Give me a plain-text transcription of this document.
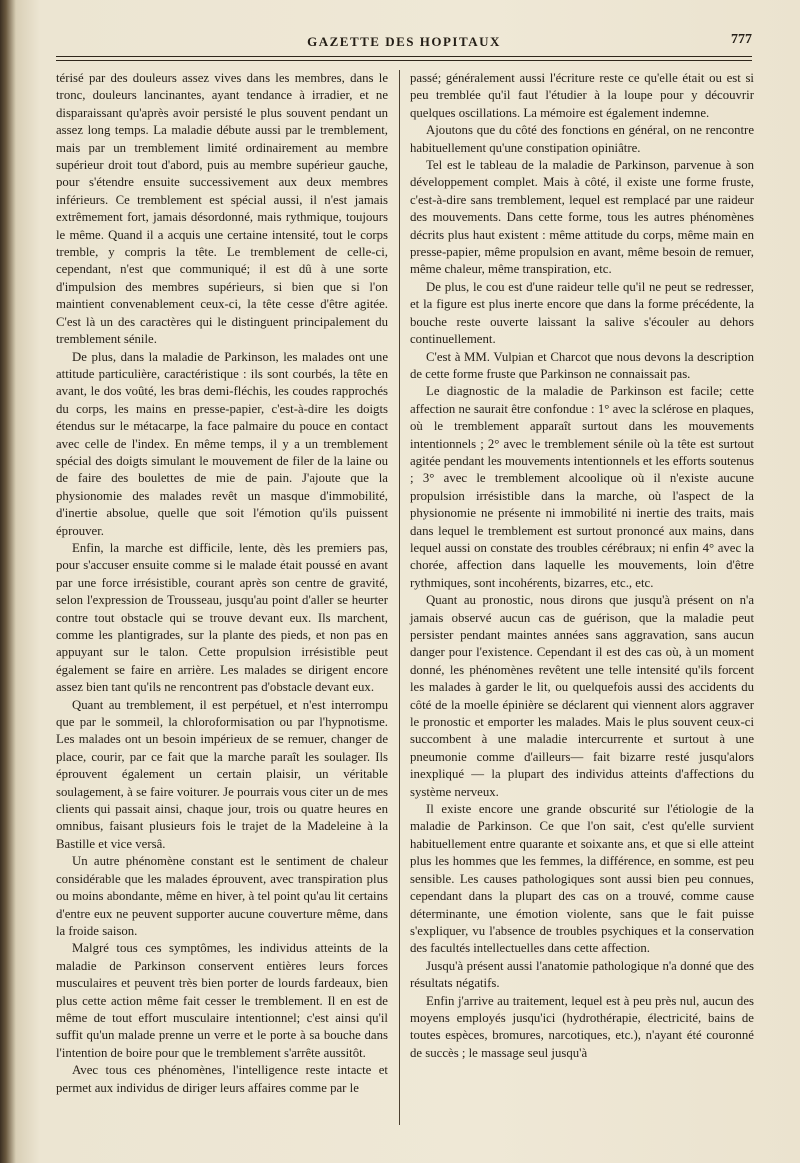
GAZETTE DES HOPITAUX	777

térisé par des douleurs assez vives dans les membres, dans le tronc, douleurs lancinantes, ayant tendance à irradier, et ne disparaissant qu'après avoir persisté le plus souvent pendant un assez long temps. La maladie débute aussi par le tremblement, mais par un tremblement limité ordinairement au membre supérieur droit tout d'abord, puis au membre supérieur gauche, pour s'étendre ensuite successivement aux deux membres inférieurs. Ce tremblement est spécial aussi, il n'est jamais extrêmement fort, jamais désordonné, mais rythmique, toujours le même. Quand il a acquis une certaine intensité, tout le corps tremble, y compris la tête. Le tremblement de celle-ci, cependant, n'est que communiqué; il est dû à une sorte d'impulsion des membres supérieurs, si bien que si l'on maintient convenablement ceux-ci, la tête cesse d'être agitée. C'est là un des caractères qui le distinguent principalement du tremblement sénile.

De plus, dans la maladie de Parkinson, les malades ont une attitude particulière, caractéristique : ils sont courbés, la tête en avant, le dos voûté, les bras demi-fléchis, les coudes rapprochés du corps, les mains en presse-papier, c'est-à-dire les doigts étendus sur le métacarpe, la face palmaire du pouce en contact avec celle de l'index. En même temps, il y a un tremblement spécial des doigts simulant le mouvement de filer de la laine ou de faire des boulettes de mie de pain. J'ajoute que la physionomie des malades revêt un masque d'immobilité, d'inertie absolue, quelle que soit l'émotion qu'ils puissent éprouver.

Enfin, la marche est difficile, lente, dès les premiers pas, pour s'accuser ensuite comme si le malade était poussé en avant par une force irrésistible, courant après son centre de gravité, selon l'expression de Trousseau, jusqu'au point d'aller se heurter contre tout obstacle qui se trouve devant eux. Ils marchent, comme les plantigrades, sur la plante des pieds, et non pas en appuyant sur le talon. Cette propulsion irrésistible peut également se faire en arrière. Les malades se dirigent encore assez bien tant qu'ils ne rencontrent pas d'obstacle devant eux.

Quant au tremblement, il est perpétuel, et n'est interrompu que par le sommeil, la chloroformisation ou par l'hypnotisme. Les malades ont un besoin impérieux de se remuer, changer de place, courir, par ce fait que la marche paraît les soulager. Ils éprouvent également un certain plaisir, un véritable soulagement, à se faire voiturer. Je pourrais vous citer un de mes clients qui passait ainsi, chaque jour, trois ou quatre heures en omnibus, faisant plusieurs fois le trajet de la Madeleine à la Bastille et vice versâ.

Un autre phénomène constant est le sentiment de chaleur considérable que les malades éprouvent, avec transpiration plus ou moins abondante, même en hiver, à tel point qu'au lit certains d'entre eux ne peuvent supporter aucune couverture même, dans la froide saison.

Malgré tous ces symptômes, les individus atteints de la maladie de Parkinson conservent entières leurs forces musculaires et peuvent très bien porter de lourds fardeaux, bien plus cette action même fait cesser le tremblement. Il en est de même de tout effort musculaire intentionnel; c'est ainsi qu'il suffit qu'un malade prenne un verre et le porte à sa bouche dans l'intention de boire pour que le tremblement s'arrête aussitôt.

Avec tous ces phénomènes, l'intelligence reste intacte et permet aux individus de diriger leurs affaires comme par le

passé; généralement aussi l'écriture reste ce qu'elle était ou est si peu tremblée qu'il faut l'étudier à la loupe pour y découvrir quelques oscillations. La mémoire est également indemne.

Ajoutons que du côté des fonctions en général, on ne rencontre habituellement qu'une constipation opiniâtre.

Tel est le tableau de la maladie de Parkinson, parvenue à son développement complet. Mais à côté, il existe une forme fruste, c'est-à-dire sans tremblement, lequel est remplacé par une raideur des mouvements. Dans cette forme, tous les autres phénomènes décrits plus haut existent : même attitude du corps, même main en presse-papier, même propulsion en avant, même besoin de remuer, même chaleur, même transpiration, etc.

De plus, le cou est d'une raideur telle qu'il ne peut se redresser, et la figure est plus inerte encore que dans la forme précédente, la bouche reste ouverte laissant la salive s'écouler au dehors continuellement.

C'est à MM. Vulpian et Charcot que nous devons la description de cette forme fruste que Parkinson ne connaissait pas.

Le diagnostic de la maladie de Parkinson est facile; cette affection ne saurait être confondue : 1° avec la sclérose en plaques, où le tremblement apparaît surtout dans les mouvements intentionnels ; 2° avec le tremblement sénile où la tête est surtout agitée pendant les mouvements intentionnels et les efforts soutenus ; 3° avec le tremblement alcoolique où il n'existe aucune propulsion irrésistible dans la marche, où l'aspect de la physionomie ne présente ni immobilité ni inertie des traits, mais dans lequel le tremblement est surtout prononcé aux mains, dans lequel aussi on constate des troubles cérébraux; ni enfin 4° avec la chorée, affection dans laquelle les mouvements, loin d'être rythmiques, sont incohérents, bizarres, etc., etc.

Quant au pronostic, nous dirons que jusqu'à présent on n'a jamais observé aucun cas de guérison, que la maladie peut persister pendant maintes années sans aggravation, sans aucun danger pour l'existence. Cependant il est des cas où, à un moment donné, les phénomènes revêtent une telle intensité qu'ils forcent les malades à garder le lit, ou quelquefois aussi des accidents du côté de la moelle épinière se déclarent qui viennent alors aggraver le pronostic et emporter les malades. Mais le plus souvent ceux-ci succombent à une maladie intercurrente et surtout à une pneumonie comme d'ailleurs— fait bizarre resté jusqu'alors inexpliqué — la plupart des individus atteints d'affections du système nerveux.

Il existe encore une grande obscurité sur l'étiologie de la maladie de Parkinson. Ce que l'on sait, c'est qu'elle survient habituellement entre quarante et soixante ans, et que si elle atteint plus les hommes que les femmes, la différence, en somme, est peu sensible. Les causes pathologiques sont aussi bien peu connues, cependant dans la plupart des cas on a trouvé, comme cause déterminante, une émotion violente, sans que le fait puisse s'expliquer, vu l'absence de troubles psychiques et la conservation des facultés intellectuelles dans cette affection.

Jusqu'à présent aussi l'anatomie pathologique n'a donné que des résultats négatifs.

Enfin j'arrive au traitement, lequel est à peu près nul, aucun des moyens employés jusqu'ici (hydrothérapie, électricité, bains de toutes espèces, bromures, narcotiques, etc.), n'ayant été couronné de succès ; le massage seul jusqu'à
